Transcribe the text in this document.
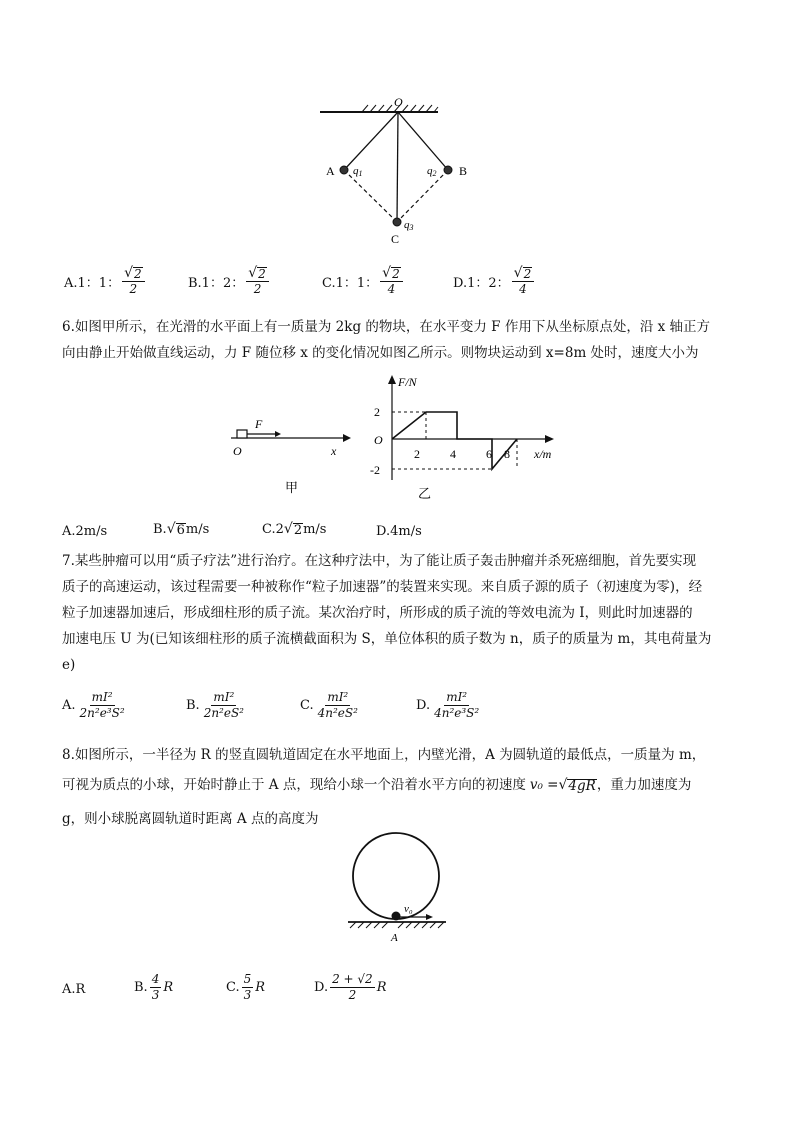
O
A	B
C
q1	q2
q3
A.1：1： $\frac{√ 2}{2}$	B.1：2： $\frac{√ 2}{2}$	C.1：1： $\frac{√ 2}{4}$	D.1：2： $\frac{√ 2}{4}$
6.如图甲所示，在光滑的水平面上有一质量为 2kg 的物块，在水平变力 F 作用下从坐标原点处，沿 x 轴正方
向由静止开始做直线运动，力 F 随位移 x 的变化情况如图乙所示。则物块运动到 x=8m 处时，速度大小为
F
O	x
甲
F/N
x/m
O
2
-2
2	4	6 8
乙
A.2m/s	B. √ 6 m/s	C.2 √ 2 m/s	D.4m/s
7.某些肿瘤可以用“质子疗法”进行治疗。在这种疗法中，为了能让质子轰击肿瘤并杀死癌细胞，首先要实现
质子的高速运动，该过程需要一种被称作“粒子加速器”的装置来实现。来自质子源的质子（初速度为零)，经
粒子加速器加速后，形成细柱形的质子流。某次治疗时，所形成的质子流的等效电流为 I，则此时加速器的
加速电压 U 为(已知该细柱形的质子流横截面积为 S，单位体积的质子数为 n，质子的质量为 m，其电荷量为
e)
A. $\frac{\text{mI²}}{\text{2n²e³S²}}$	B. $\frac{\text{mI²}}{\text{2n²eS²}}$	C. $\frac{\text{mI²}}{\text{4n²eS²}}$	D. $\frac{\text{mI²}}{\text{4n²e³S²}}$
8.如图所示，一半径为 R 的竖直圆轨道固定在水平地面上，内壁光滑，A 为圆轨道的最低点，一质量为 m，
可视为质点的小球，开始时静止于 A 点，现给小球一个沿着水平方向的初速度 v₀ = √ 4gR ，重力加速度为
g，则小球脱离圆轨道时距离 A 点的高度为
v₀
A
A.R	B. $\frac{4}{3}$ R	C. $\frac{5}{3}$ R	D. $\frac{2 + √2}{2}$ R
